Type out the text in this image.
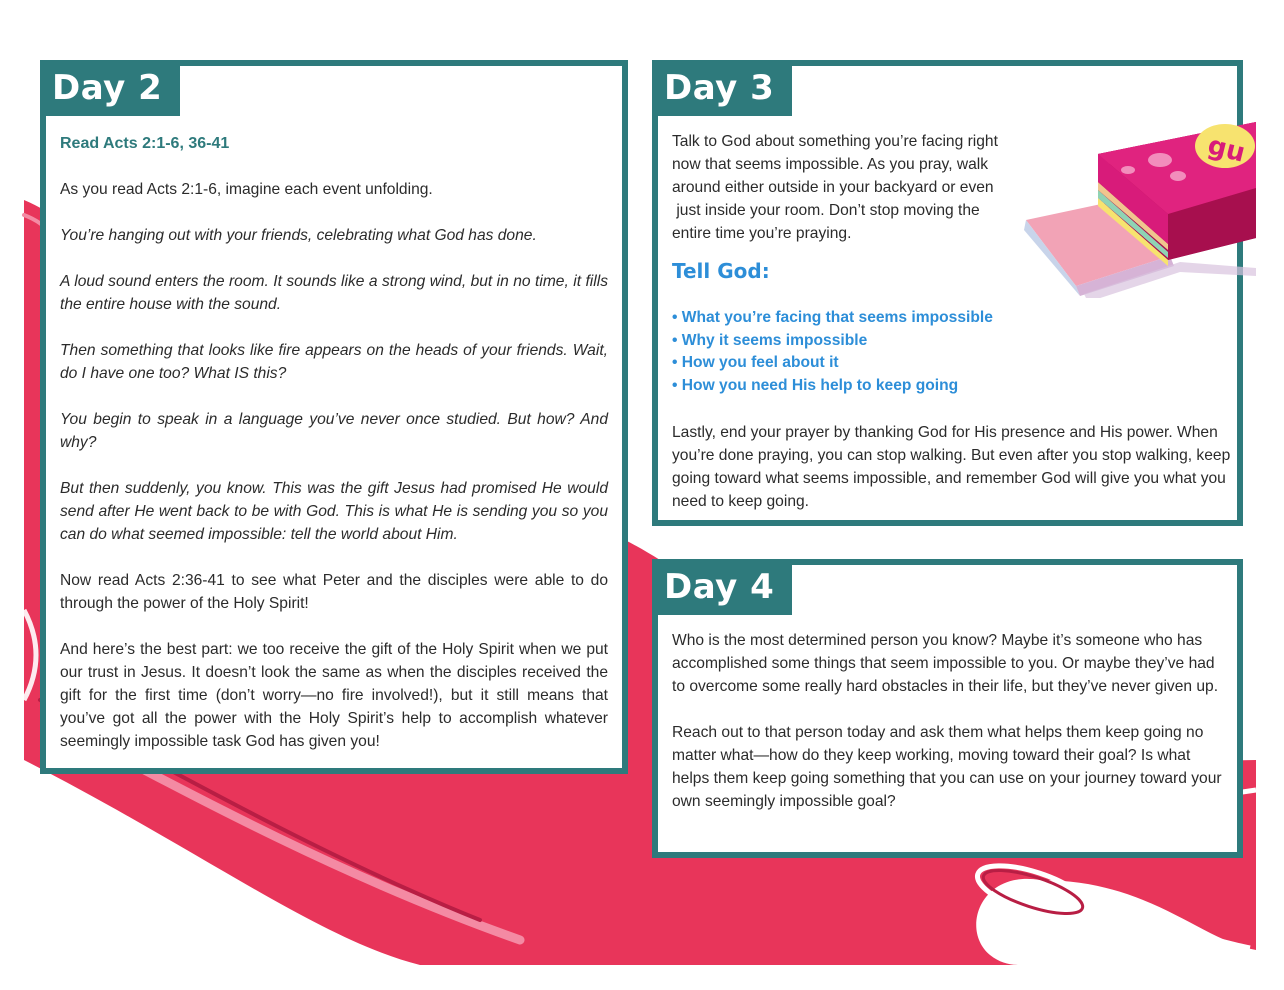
Day 2

Read Acts 2:1-6, 36-41

As you read Acts 2:1-6, imagine each event unfolding.

You’re hanging out with your friends, celebrating what God has done.

A loud sound enters the room. It sounds like a strong wind, but in no time, it fills the entire house with the sound.

Then something that looks like fire appears on the heads of your friends. Wait, do I have one too? What IS this?

You begin to speak in a language you’ve never once studied. But how? And why?

But then suddenly, you know. This was the gift Jesus had promised He would send after He went back to be with God. This is what He is sending you so you can do what seemed impossible: tell the world about Him.

Now read Acts 2:36-41 to see what Peter and the disciples were able to do through the power of the Holy Spirit!

And here’s the best part: we too receive the gift of the Holy Spirit when we put our trust in Jesus. It doesn’t look the same as when the disciples received the gift for the first time (don’t worry—no fire involved!), but it still means that you’ve got all the power with the Holy Spirit’s help to accomplish whatever seemingly impossible task God has given you!

Day 3
Talk to God about something you’re facing right
now that seems impossible. As you pray, walk
around either outside in your backyard or even
just inside your room. Don’t stop moving the
entire time you’re praying.

Tell God:

• What you’re facing that seems impossible
• Why it seems impossible
• How you feel about it
• How you need His help to keep going

Lastly, end your prayer by thanking God for His presence and His power. When you’re done praying, you can stop walking. But even after you stop walking, keep going toward what seems impossible, and remember God will give you what you need to keep going.

gu
Day 4

Who is the most determined person you know? Maybe it’s someone who has accomplished some things that seem impossible to you. Or maybe they’ve had to overcome some really hard obstacles in their life, but they’ve never given up.

Reach out to that person today and ask them what helps them keep going no matter what—how do they keep working, moving toward their goal? Is what helps them keep going something that you can use on your journey toward your own seemingly impossible goal?
